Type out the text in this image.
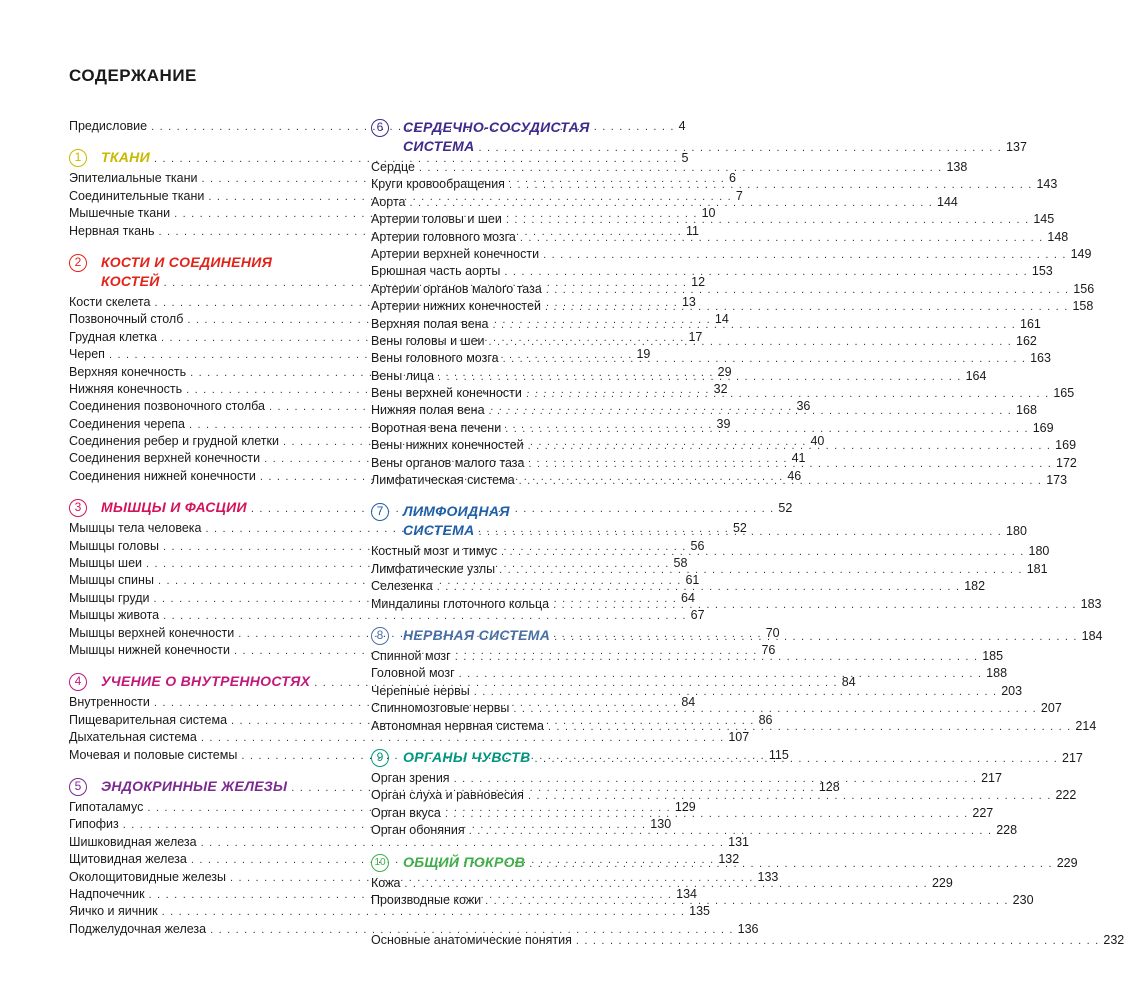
СОДЕРЖАНИЕ
Предисловие . . .	4
1	ТКАНИ . . .	5
Эпителиальные ткани . . .	6
Соединительные ткани . . .	7
Мышечные ткани . . .	10
Нервная ткань . . .	11
2	КОСТИ И СОЕДИНЕНИЯ
КОСТЕЙ . . .	12
Кости скелета . . .	13
Позвоночный столб . . .	14
Грудная клетка . . .	17
Череп . . .	19
Верхняя конечность . . .	29
Нижняя конечность . . .	32
Соединения позвоночного столба . . .	36
Соединения черепа . . .	39
Соединения ребер и грудной клетки . . .	40
Соединения верхней конечности . . .	41
Соединения нижней конечности . . .	46
3	МЫШЦЫ И ФАСЦИИ . . .	52
Мышцы тела человека . . .	52
Мышцы головы . . .	56
Мышцы шеи . . .	58
Мышцы спины . . .	61
Мышцы груди . . .	64
Мышцы живота . . .	67
Мышцы верхней конечности . . .	70
Мышцы нижней конечности . . .	76
4	УЧЕНИЕ О ВНУТРЕННОСТЯХ . . .	84
Внутренности . . .	84
Пищеварительная система . . .	86
Дыхательная система . . .	107
Мочевая и половые системы . . .	115
5	ЭНДОКРИННЫЕ ЖЕЛЕЗЫ . . .	128
Гипоталамус . . .	129
Гипофиз . . .	130
Шишковидная железа . . .	131
Щитовидная железа . . .	132
Околощитовидные железы . . .	133
Надпочечник . . .	134
Яичко и яичник . . .	135
Поджелудочная железа . . .	136
6	СЕРДЕЧНО-СОСУДИСТАЯ
СИСТЕМА . . .	137
Сердце . . .	138
Круги кровообращения . . .	143
Аорта . . .	144
Артерии головы и шеи . . .	145
Артерии головного мозга . . .	148
Артерии верхней конечности . . .	149
Брюшная часть аорты . . .	153
Артерии органов малого таза . . .	156
Артерии нижних конечностей . . .	158
Верхняя полая вена . . .	161
Вены головы и шеи . . .	162
Вены головного мозга . . .	163
Вены лица . . .	164
Вены верхней конечности . . .	165
Нижняя полая вена . . .	168
Воротная вена печени . . .	169
Вены нижних конечностей . . .	169
Вены органов малого таза . . .	172
Лимфатическая система . . .	173
7	ЛИМФОИДНАЯ
СИСТЕМА . . .	180
Костный мозг и тимус . . .	180
Лимфатические узлы . . .	181
Селезенка . . .	182
Миндалины глоточного кольца . . .	183
8	НЕРВНАЯ СИСТЕМА . . .	184
Спинной мозг . . .	185
Головной мозг . . .	188
Черепные нервы . . .	203
Спинномозговые нервы . . .	207
Автономная нервная система . . .	214
9	ОРГАНЫ ЧУВСТВ . . .	217
Орган зрения . . .	217
Орган слуха и равновесия . . .	222
Орган вкуса . . .	227
Орган обоняния . . .	228
10 ОБЩИЙ ПОКРОВ . . .	229
Кожа . . .	229
Производные кожи . . .	230
Основные анатомические понятия . . .	232
